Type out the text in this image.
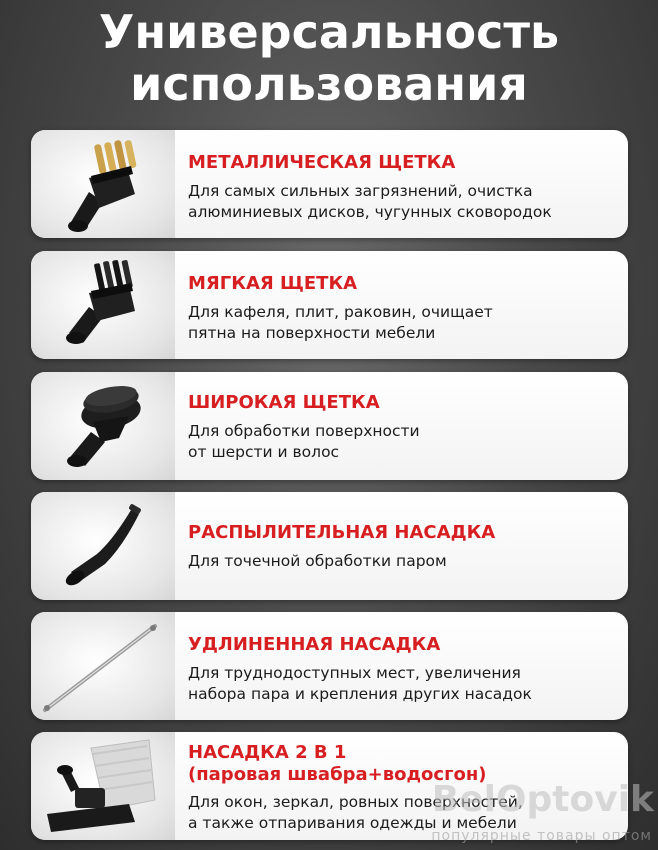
Универсальность
использования
МЕТАЛЛИЧЕСКАЯ ЩЕТКА
Для самых сильных загрязнений, очистка
алюминиевых дисков, чугунных сковородок
МЯГКАЯ ЩЕТКА
Для кафеля, плит, раковин, очищает
пятна на поверхности мебели
ШИРОКАЯ ЩЕТКА
Для обработки поверхности
от шерсти и волос
РАСПЫЛИТЕЛЬНАЯ НАСАДКА
Для точечной обработки паром
УДЛИНЕННАЯ НАСАДКА
Для труднодоступных мест, увеличения
набора пара и крепления других насадок
НАСАДКА 2 В 1
(паровая швабра+водосгон)
Для окон, зеркал, ровных поверхностей,
а также отпаривания одежды и мебели
BelOptovik
популярные товары оптом
